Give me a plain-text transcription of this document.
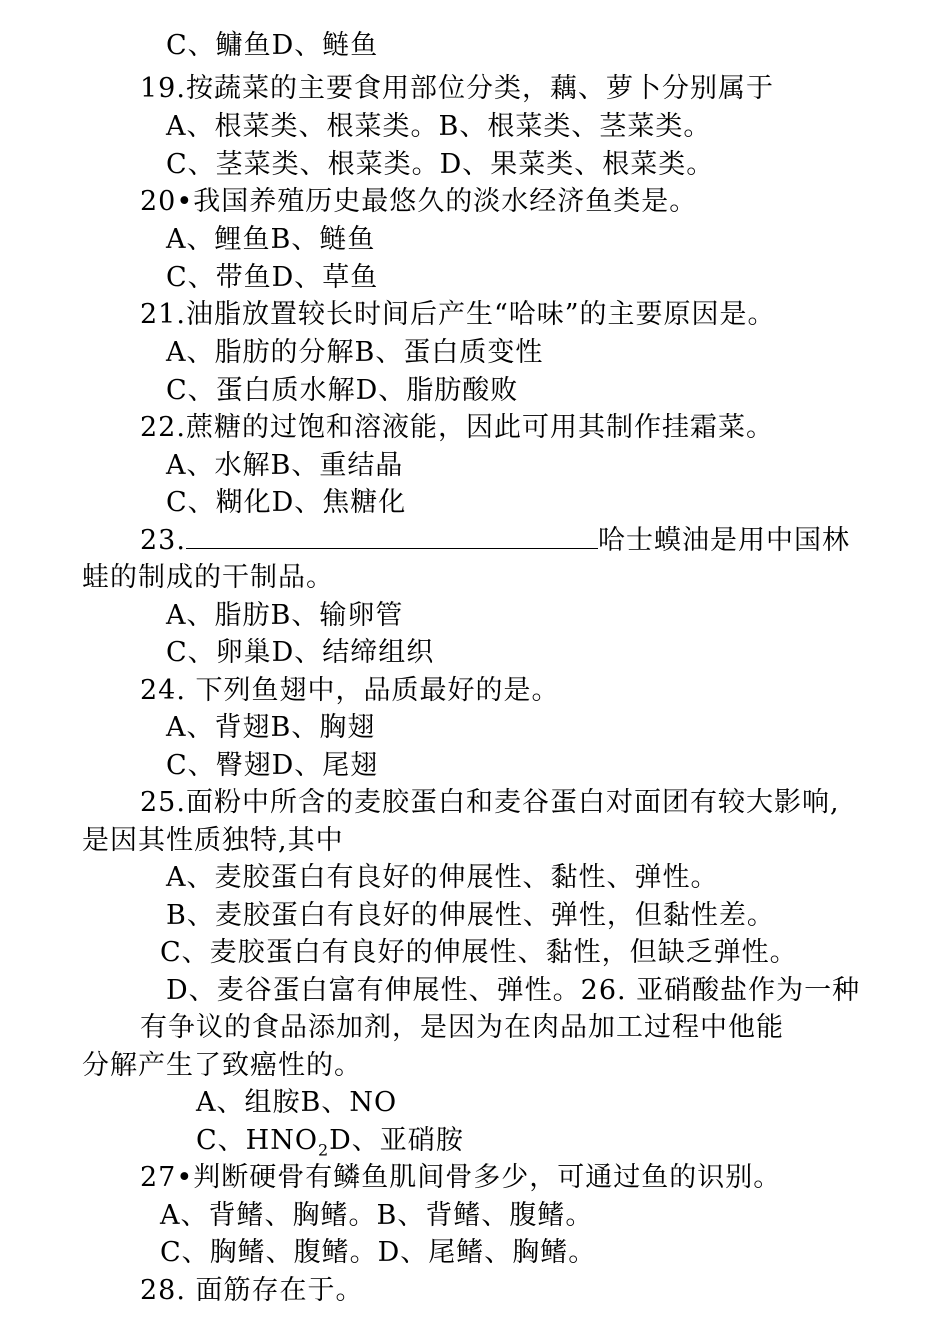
C、鳙鱼D、鲢鱼
19.按蔬菜的主要食用部位分类，藕、萝卜分别属于
A、根菜类、根菜类。B、根菜类、茎菜类。
C、茎菜类、根菜类。D、果菜类、根菜类。
20•我国养殖历史最悠久的淡水经济鱼类是。
A、鲤鱼B、鲢鱼
C、带鱼D、草鱼
21.油脂放置较长时间后产生“哈味”的主要原因是。
A、脂肪的分解B、蛋白质变性
C、蛋白质水解D、脂肪酸败
22.蔗糖的过饱和溶液能，因此可用其制作挂霜菜。
A、水解B、重结晶
C、糊化D、焦糖化
23.	哈士蟆油是用中国林
蛙的制成的干制品。
A、脂肪B、输卵管
C、卵巢D、结缔组织
24. 下列鱼翅中，品质最好的是。
A、背翅B、胸翅
C、臀翅D、尾翅
25.面粉中所含的麦胶蛋白和麦谷蛋白对面团有较大影响,
是因其性质独特,其中
A、麦胶蛋白有良好的伸展性、黏性、弹性。
B、麦胶蛋白有良好的伸展性、弹性，但黏性差。
C、麦胶蛋白有良好的伸展性、黏性，但缺乏弹性。
D、麦谷蛋白富有伸展性、弹性。26. 亚硝酸盐作为一种
有争议的食品添加剂，是因为在肉品加工过程中他能
分解产生了致癌性的。
A、组胺B、NO
C、$HNO_2D$、亚硝胺
27•判断硬骨有鳞鱼肌间骨多少，可通过鱼的识别。
A、背鳍、胸鳍。B、背鳍、腹鳍。
C、胸鳍、腹鳍。D、尾鳍、胸鳍。
28. 面筋存在于。
